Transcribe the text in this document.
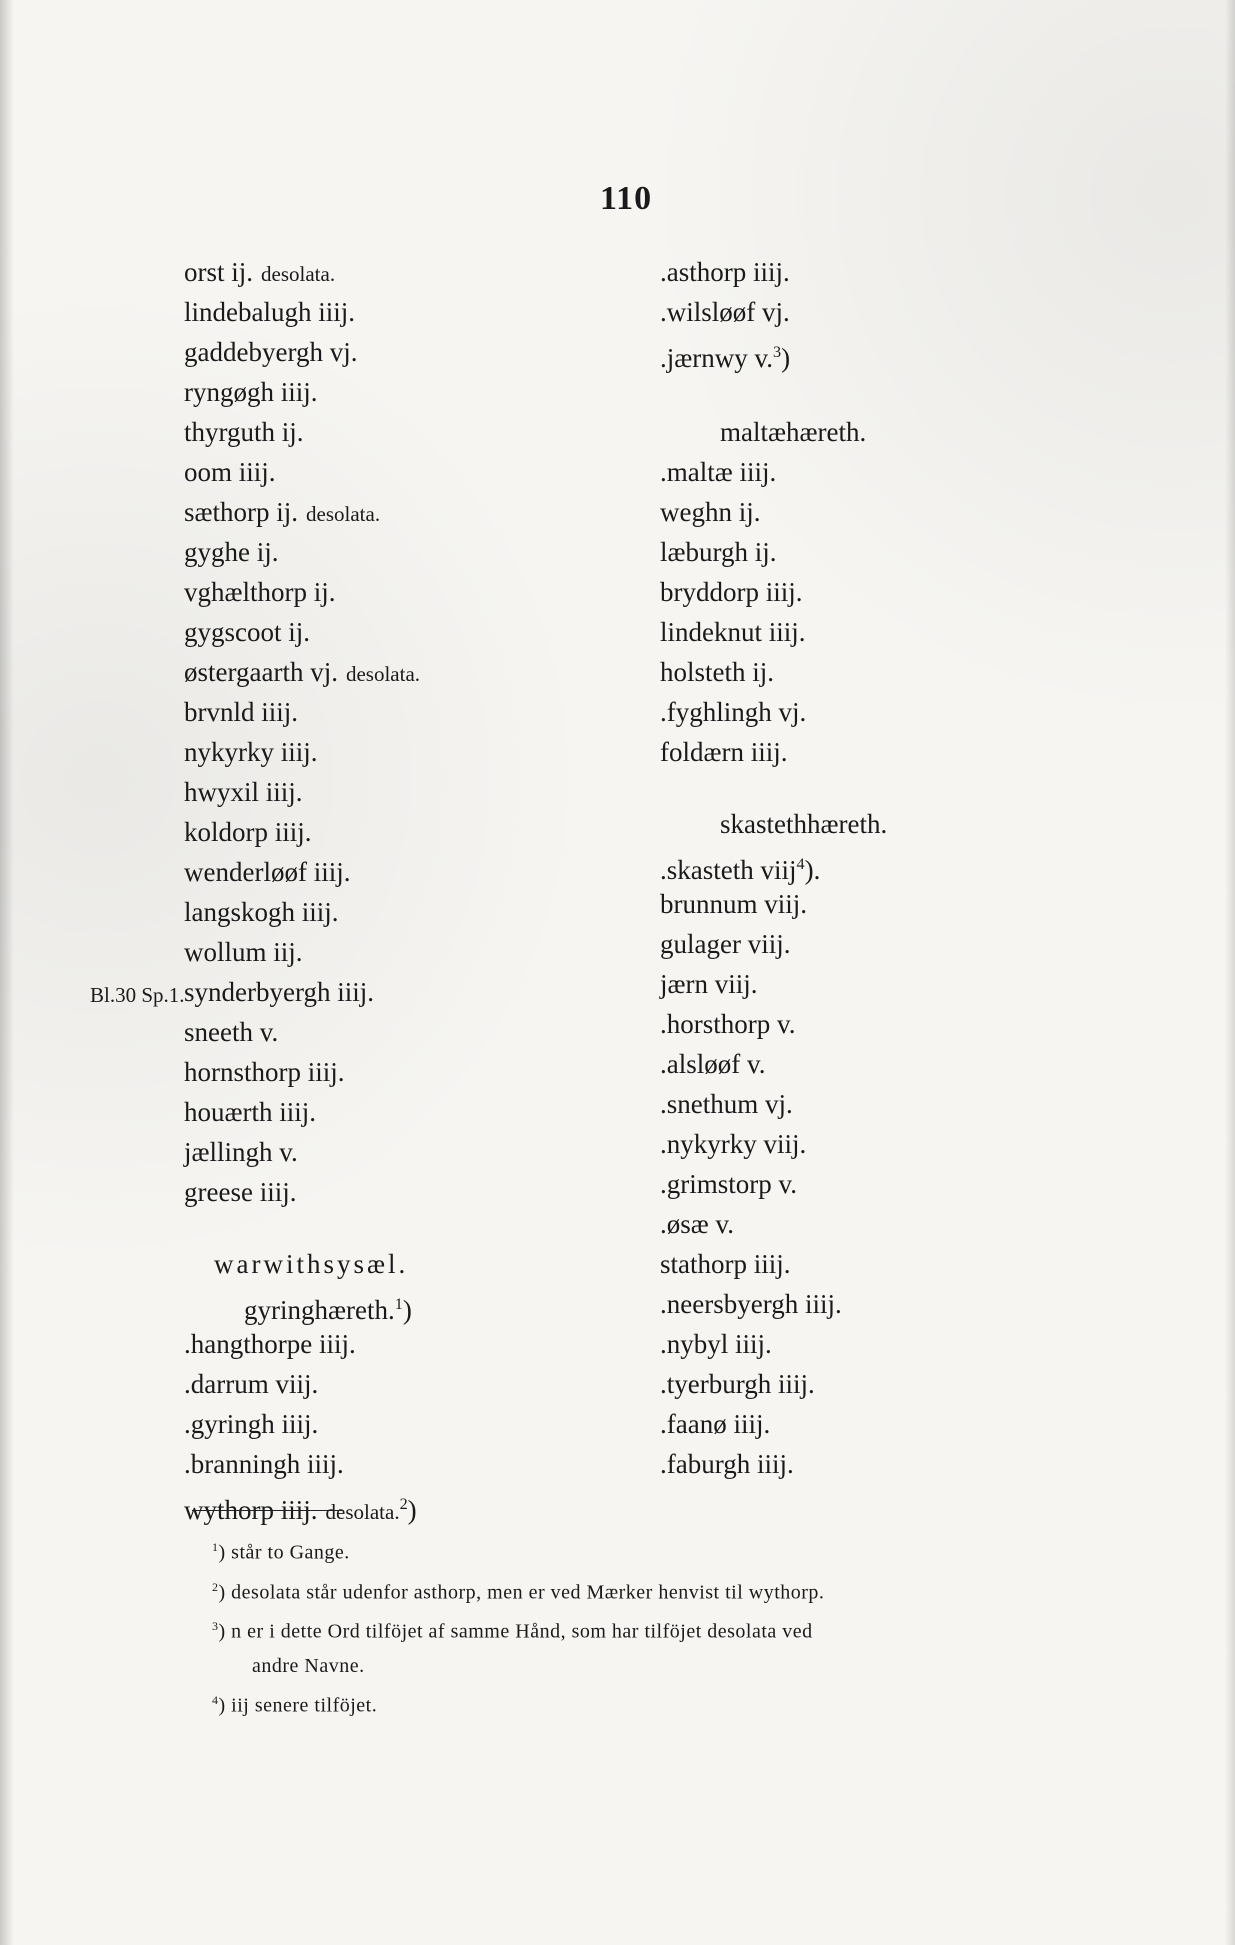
110
Bl.30 Sp.1.
orst ij. desolata.
lindebalugh iiij.
gaddebyergh vj.
ryngøgh iiij.
thyrguth ij.
oom iiij.
sæthorp ij. desolata.
gyghe ij.
vghælthorp ij.
gygscoot ij.
østergaarth vj. desolata.
brvnld iiij.
nykyrky iiij.
hwyxil iiij.
koldorp iiij.
wenderløøf iiij.
langskogh iiij.
wollum iij.
synderbyergh iiij.
sneeth v.
hornsthorp iiij.
houærth iiij.
jællingh v.
greese iiij.
warwithsysæl.
gyringhæreth.$^1$)
.hangthorpe iiij.
.darrum viij.
.gyringh iiij.
.branningh iiij.
wythorp iiij. desolata.$^2$)
.asthorp iiij.
.wilsløøf vj.
.jærnwy v.$^3$)
maltæhæreth.
.maltæ iiij.
weghn ij.
læburgh ij.
bryddorp iiij.
lindeknut iiij.
holsteth ij.
.fyghlingh vj.
foldærn iiij.
skastethhæreth.
.skasteth viij$^4$).
brunnum viij.
gulager viij.
jærn viij.
.horsthorp v.
.alsløøf v.
.snethum vj.
.nykyrky viij.
.grimstorp v.
.øsæ v.
stathorp iiij.
.neersbyergh iiij.
.nybyl iiij.
.tyerburgh iiij.
.faanø iiij.
.faburgh iiij.
$^1$) står to Gange.
$^2$) desolata står udenfor asthorp, men er ved Mærker henvist til wythorp.
$^3$) n er i dette Ord tilföjet af samme Hånd, som har tilföjet desolata ved
andre Navne.
$^4$) iij senere tilföjet.
